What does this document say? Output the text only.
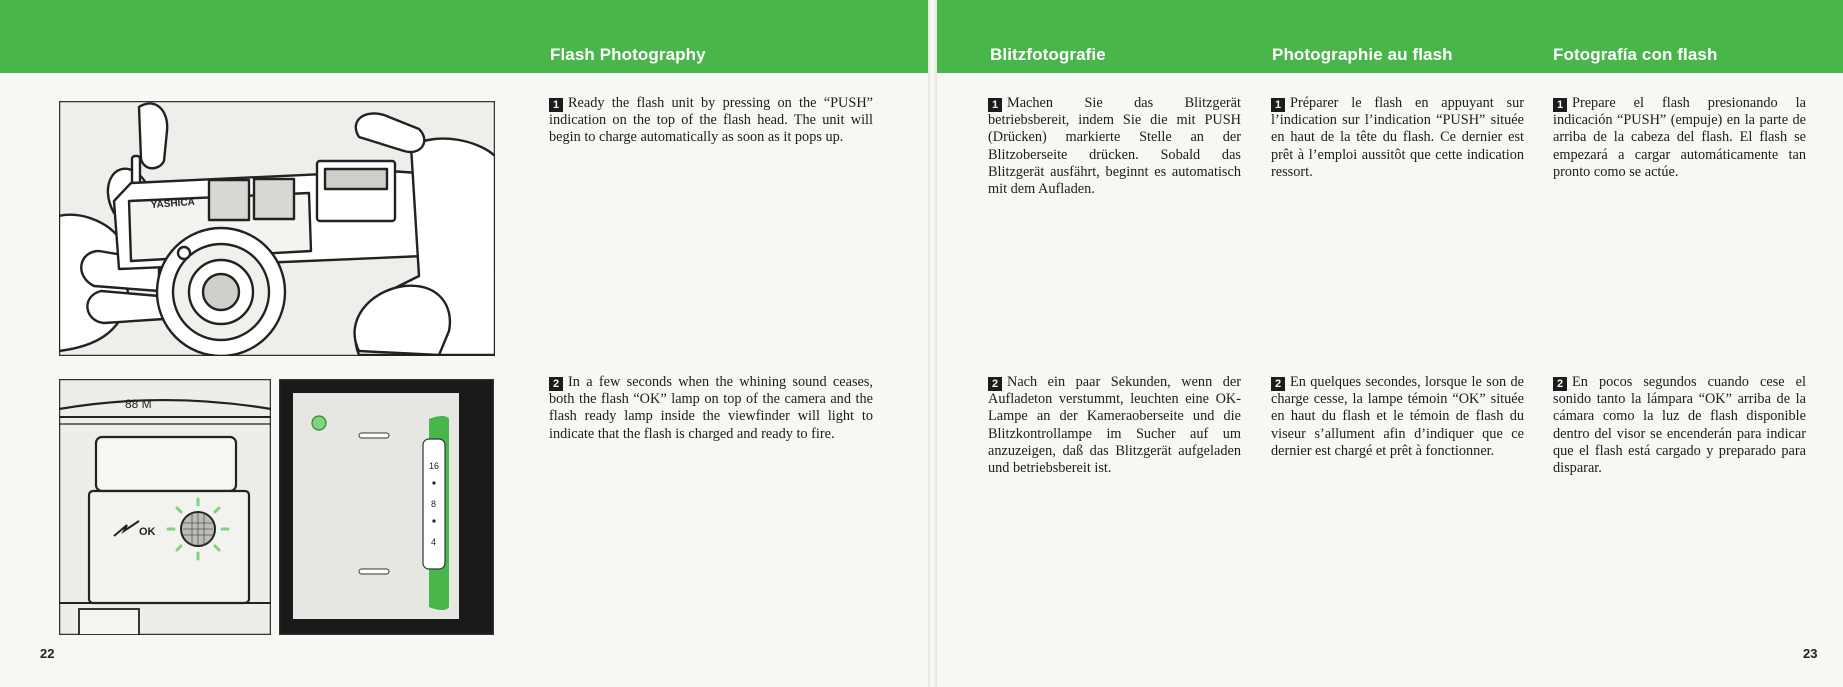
Flash Photography	Blitzfotografie	Photographie au flash	Fotografía con flash
YASHICA
88 M
OK
16
8
4

1 Ready the flash unit by pressing on the “PUSH” indication on the top of the flash head. The unit will begin to charge automatically as soon as it pops up.

2 In a few seconds when the whining sound ceases, both the flash “OK” lamp on top of the camera and the flash ready lamp inside the viewfinder will light to indicate that the flash is charged and ready to fire.

1 Machen Sie das Blitzgerät betriebsbereit, indem Sie die mit PUSH (Drücken) markierte Stelle an der Blitzoberseite drücken. Sobald das Blitzgerät ausfährt, beginnt es automatisch mit dem Aufladen.

2 Nach ein paar Sekunden, wenn der Aufladeton verstummt, leuchten eine OK-Lampe an der Kameraoberseite und die Blitzkontrollampe im Sucher auf um anzuzeigen, daß das Blitzgerät aufgeladen und betriebsbereit ist.

1 Préparer le flash en appuyant sur l’indication sur l’indication “PUSH” située en haut de la tête du flash. Ce dernier est prêt à l’emploi aussitôt que cette indication ressort.

2 En quelques secondes, lorsque le son de charge cesse, la lampe témoin “OK” située en haut du flash et le témoin de flash du viseur s’allument afin d’indiquer que ce dernier est chargé et prêt à fonctionner.

1 Prepare el flash presionando la indicación “PUSH” (empuje) en la parte de arriba de la cabeza del flash. El flash se empezará a cargar automáticamente tan pronto como se actúe.

2 En pocos segundos cuando cese el sonido tanto la lámpara “OK” arriba de la cámara como la luz de flash disponible dentro del visor se encenderán para indicar que el flash está cargado y preparado para disparar.

22	23
